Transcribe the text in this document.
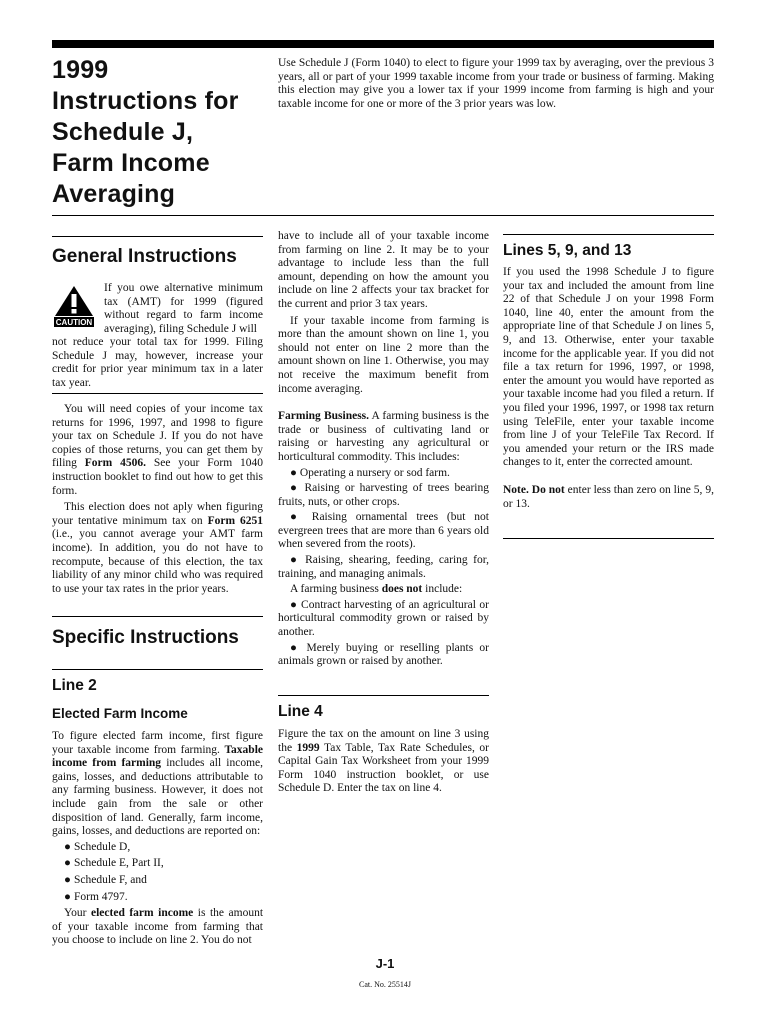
1999
Instructions for
Schedule J,
Farm Income
Averaging

Use Schedule J (Form 1040) to elect to figure your 1999 tax by averaging, over the previous 3 years, all or part of your 1999 taxable income from your trade or business of farming. Making this election may give you a lower tax if your 1999 income from farming is high and your taxable income for one or more of the 3 prior years was low.

General Instructions
CAUTION

If you owe alternative minimum tax (AMT) for 1999 (figured without regard to farm income averaging), filing Schedule J will

not reduce your total tax for 1999. Filing Schedule J may, however, increase your credit for prior year minimum tax in a later tax year.

You will need copies of your income tax returns for 1996, 1997, and 1998 to figure your tax on Schedule J. If you do not have copies of those returns, you can get them by filing Form 4506. See your Form 1040 instruction booklet to find out how to get this form.

This election does not aply when figuring your tentative minimum tax on Form 6251 (i.e., you cannot average your AMT farm income). In addition, you do not have to recompute, because of this election, the tax liability of any minor child who was required to use your tax rates in the prior years.

Specific Instructions
Line 2
Elected Farm Income

To figure elected farm income, first figure your taxable income from farming. Taxable income from farming includes all income, gains, losses, and deductions attributable to any farming business. However, it does not include gain from the sale or other disposition of land. Generally, farm income, gains, losses, and deductions are reported on:

● Schedule D,

● Schedule E, Part II,

● Schedule F, and

● Form 4797.

Your elected farm income is the amount of your taxable income from farming that you choose to include on line 2. You do not

have to include all of your taxable income from farming on line 2. It may be to your advantage to include less than the full amount, depending on how the amount you include on line 2 affects your tax bracket for the current and prior 3 tax years.

If your taxable income from farming is more than the amount shown on line 1, you should not enter on line 2 more than the amount shown on line 1. Otherwise, you may not receive the maximum benefit from income averaging.

Farming Business. A farming business is the trade or business of cultivating land or raising or harvesting any agricultural or horticultural commodity. This includes:

● Operating a nursery or sod farm.

● Raising or harvesting of trees bearing fruits, nuts, or other crops.

● Raising ornamental trees (but not evergreen trees that are more than 6 years old when severed from the roots).

● Raising, shearing, feeding, caring for, training, and managing animals.

A farming business does not include:

● Contract harvesting of an agricultural or horticultural commodity grown or raised by another.

● Merely buying or reselling plants or animals grown or raised by another.

Line 4

Figure the tax on the amount on line 3 using the 1999 Tax Table, Tax Rate Schedules, or Capital Gain Tax Worksheet from your 1999 Form 1040 instruction booklet, or use Schedule D. Enter the tax on line 4.

Lines 5, 9, and 13

If you used the 1998 Schedule J to figure your tax and included the amount from line 22 of that Schedule J on your 1998 Form 1040, line 40, enter the amount from the appropriate line of that Schedule J on lines 5, 9, and 13. Otherwise, enter your taxable income for the applicable year. If you did not file a tax return for 1996, 1997, or 1998, enter the amount you would have reported as your taxable income had you filed a return. If you filed your 1996, 1997, or 1998 tax return using TeleFile, enter your taxable income from line J of your TeleFile Tax Record. If you amended your return or the IRS made changes to it, enter the corrected amount.

Note. Do not enter less than zero on line 5, 9, or 13.

J-1
Cat. No. 25514J
